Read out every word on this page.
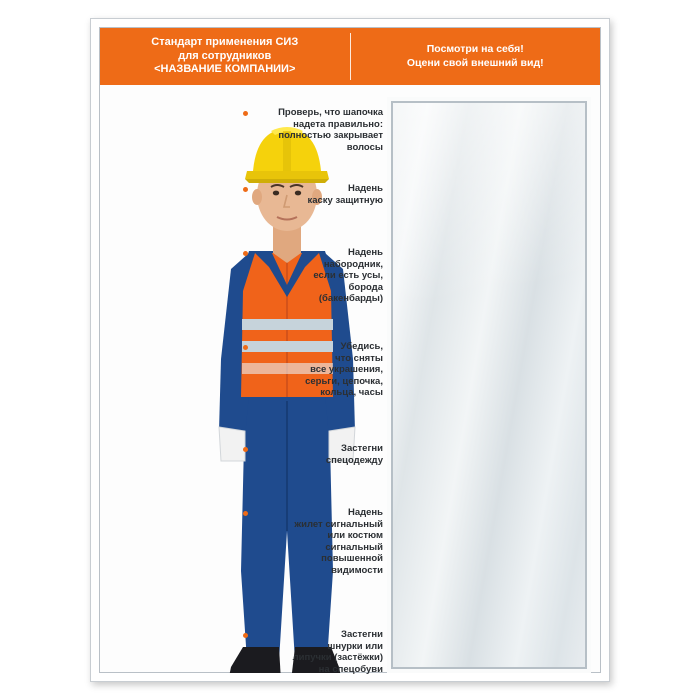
Стандарт применения СИЗ
для сотрудников
<НАЗВАНИЕ КОМПАНИИ>
Посмотри на себя!
Оцени свой внешний вид!
Проверь, что шапочка
надета правильно:
полностью закрывает
волосы
Надень
каску защитную
Надень
набородник,
если есть усы,
борода
(бакенбарды)
Убедись,
что сняты
все украшения,
серьги, цепочка,
кольца, часы
Застегни
спецодежду
Надень
жилет сигнальный
или костюм
сигнальный
повышенной
видимости
Застегни
шнурки или
липучки (застёжки)
на спецобуви
